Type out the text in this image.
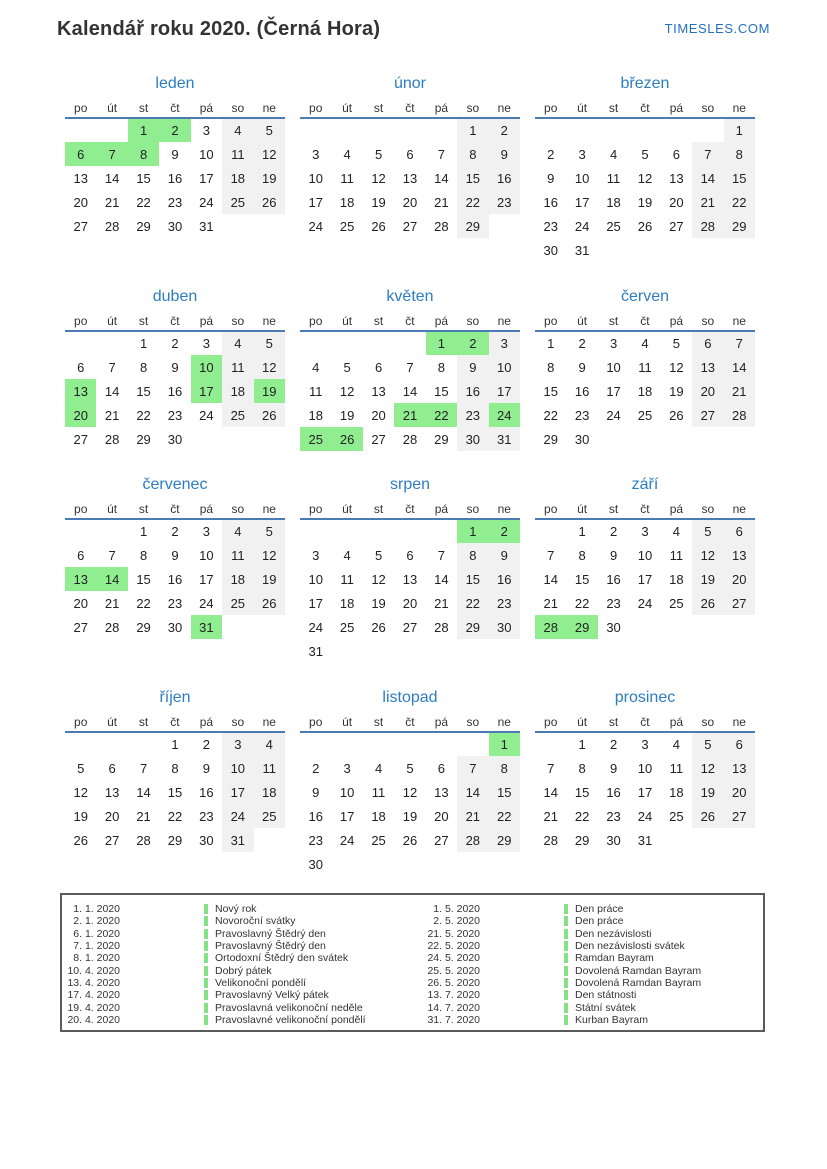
Kalendář roku 2020. (Černá Hora)	TIMESLES.COM
leden
po	út	st	čt	pá	so	ne
		1	2	3	4	5
6	7	8	9	10	11	12
13	14	15	16	17	18	19
20	21	22	23	24	25	26
27	28	29	30	31		
únor
po	út	st	čt	pá	so	ne
					1	2
3	4	5	6	7	8	9
10	11	12	13	14	15	16
17	18	19	20	21	22	23
24	25	26	27	28	29	
březen
po	út	st	čt	pá	so	ne
						1
2	3	4	5	6	7	8
9	10	11	12	13	14	15
16	17	18	19	20	21	22
23	24	25	26	27	28	29
30	31					
duben
po	út	st	čt	pá	so	ne
		1	2	3	4	5
6	7	8	9	10	11	12
13	14	15	16	17	18	19
20	21	22	23	24	25	26
27	28	29	30			
květen
po	út	st	čt	pá	so	ne
				1	2	3
4	5	6	7	8	9	10
11	12	13	14	15	16	17
18	19	20	21	22	23	24
25	26	27	28	29	30	31
červen
po	út	st	čt	pá	so	ne
1	2	3	4	5	6	7
8	9	10	11	12	13	14
15	16	17	18	19	20	21
22	23	24	25	26	27	28
29	30					
červenec
po	út	st	čt	pá	so	ne
		1	2	3	4	5
6	7	8	9	10	11	12
13	14	15	16	17	18	19
20	21	22	23	24	25	26
27	28	29	30	31		
srpen
po	út	st	čt	pá	so	ne
					1	2
3	4	5	6	7	8	9
10	11	12	13	14	15	16
17	18	19	20	21	22	23
24	25	26	27	28	29	30
31						
září
po	út	st	čt	pá	so	ne
	1	2	3	4	5	6
7	8	9	10	11	12	13
14	15	16	17	18	19	20
21	22	23	24	25	26	27
28	29	30				
říjen
po	út	st	čt	pá	so	ne
			1	2	3	4
5	6	7	8	9	10	11
12	13	14	15	16	17	18
19	20	21	22	23	24	25
26	27	28	29	30	31	
listopad
po	út	st	čt	pá	so	ne
						1
2	3	4	5	6	7	8
9	10	11	12	13	14	15
16	17	18	19	20	21	22
23	24	25	26	27	28	29
30						
prosinec
po	út	st	čt	pá	so	ne
	1	2	3	4	5	6
7	8	9	10	11	12	13
14	15	16	17	18	19	20
21	22	23	24	25	26	27
28	29	30	31			
1. 1. 2020	Nový rok
2. 1. 2020	Novoroční svátky
6. 1. 2020	Pravoslavný Štědrý den
7. 1. 2020	Pravoslavný Štědrý den
8. 1. 2020	Ortodoxní Štědrý den svátek
10. 4. 2020	Dobrý pátek
13. 4. 2020	Velikonoční pondělí
17. 4. 2020	Pravoslavný Velký pátek
19. 4. 2020	Pravoslavná velikonoční neděle
20. 4. 2020	Pravoslavné velikonoční pondělí
1. 5. 2020	Den práce
2. 5. 2020	Den práce
21. 5. 2020	Den nezávislosti
22. 5. 2020	Den nezávislosti svátek
24. 5. 2020	Ramdan Bayram
25. 5. 2020	Dovolená Ramdan Bayram
26. 5. 2020	Dovolená Ramdan Bayram
13. 7. 2020	Den státnosti
14. 7. 2020	Státní svátek
31. 7. 2020	Kurban Bayram
